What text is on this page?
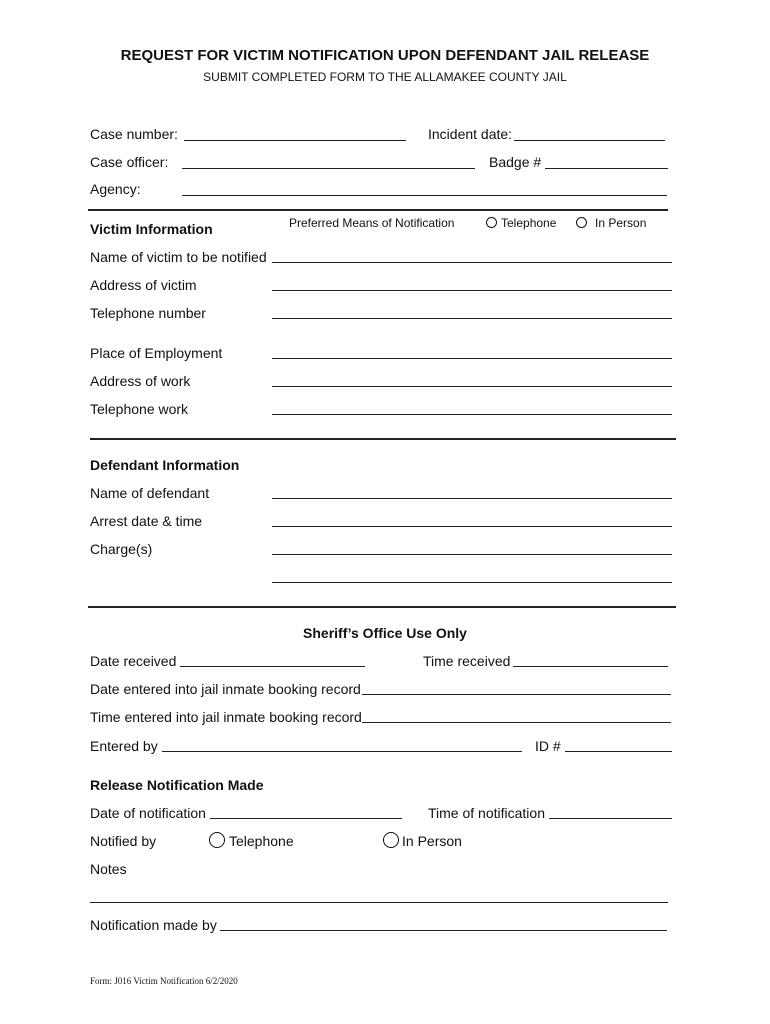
REQUEST FOR VICTIM NOTIFICATION UPON DEFENDANT JAIL RELEASE
SUBMIT COMPLETED FORM TO THE ALLAMAKEE COUNTY JAIL
Case number:	Incident date:
Case officer:	Badge #
Agency:
Victim Information	Preferred Means of Notification	Telephone	In Person
Name of victim to be notified
Address of victim
Telephone number
Place of Employment
Address of work
Telephone work
Defendant Information
Name of defendant
Arrest date & time
Charge(s)
Sheriff’s Office Use Only
Date received	Time received
Date entered into jail inmate booking record
Time entered into jail inmate booking record
Entered by	ID #
Release Notification Made
Date of notification	Time of notification
Notified by	Telephone	In Person
Notes
Notification made by
Form: J016 Victim Notification 6/2/2020
